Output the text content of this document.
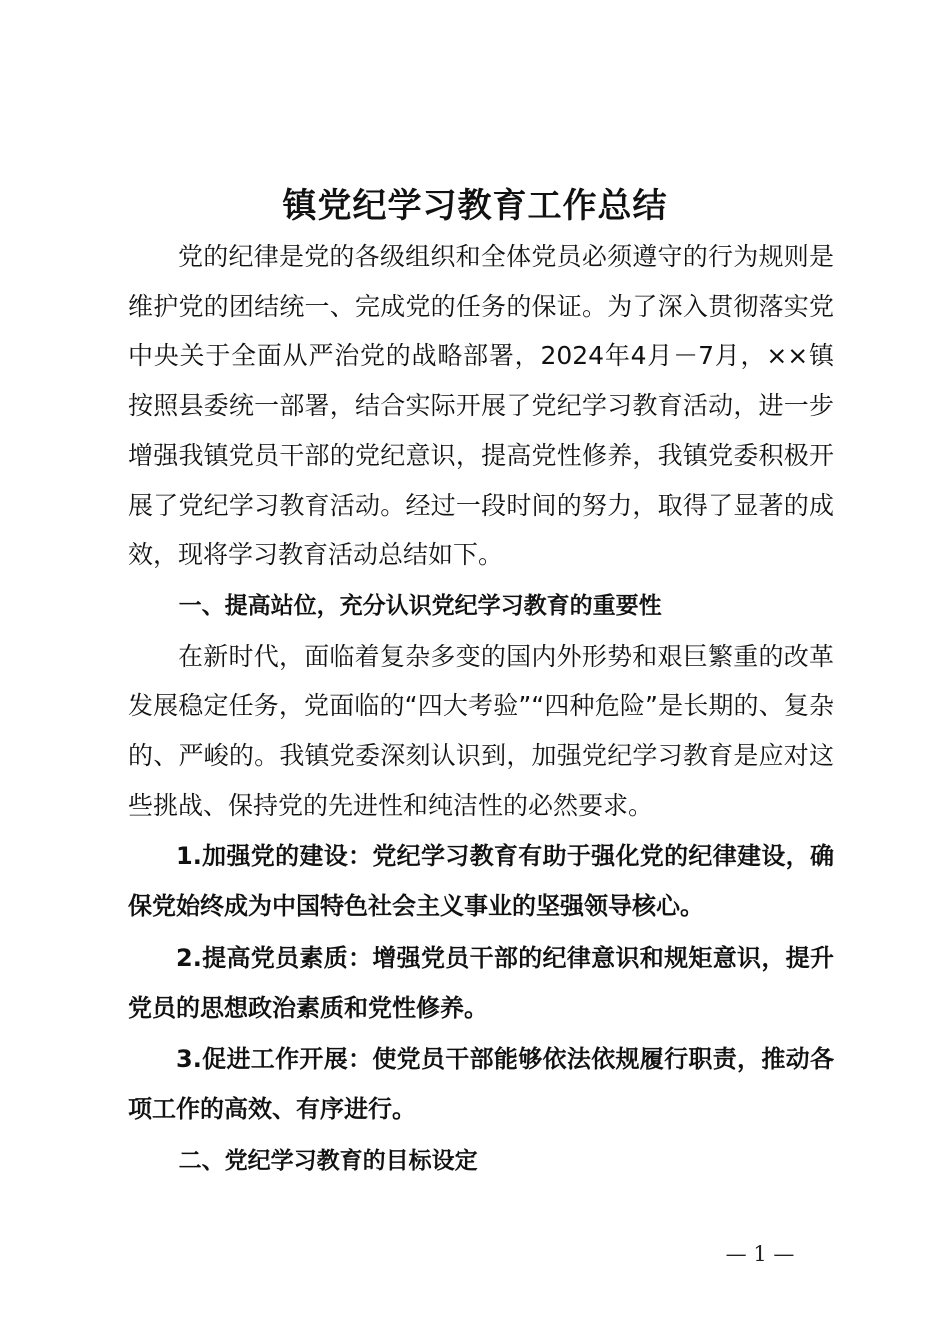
镇党纪学习教育工作总结

党的纪律是党的各级组织和全体党员必须遵守的行为规则是维护党的团结统一、完成党的任务的保证。为了深入贯彻落实党中央关于全面从严治党的战略部署，2024年4月－7月，××镇按照县委统一部署，结合实际开展了党纪学习教育活动，进一步增强我镇党员干部的党纪意识，提高党性修养，我镇党委积极开展了党纪学习教育活动。经过一段时间的努力，取得了显著的成效，现将学习教育活动总结如下。

一、提高站位，充分认识党纪学习教育的重要性

在新时代，面临着复杂多变的国内外形势和艰巨繁重的改革发展稳定任务，党面临的“四大考验”“四种危险”是长期的、复杂的、严峻的。我镇党委深刻认识到，加强党纪学习教育是应对这些挑战、保持党的先进性和纯洁性的必然要求。

1.加强党的建设：党纪学习教育有助于强化党的纪律建设，确保党始终成为中国特色社会主义事业的坚强领导核心。

2.提高党员素质：增强党员干部的纪律意识和规矩意识，提升党员的思想政治素质和党性修养。

3.促进工作开展：使党员干部能够依法依规履行职责，推动各项工作的高效、有序进行。

二、党纪学习教育的目标设定

— 1 —
